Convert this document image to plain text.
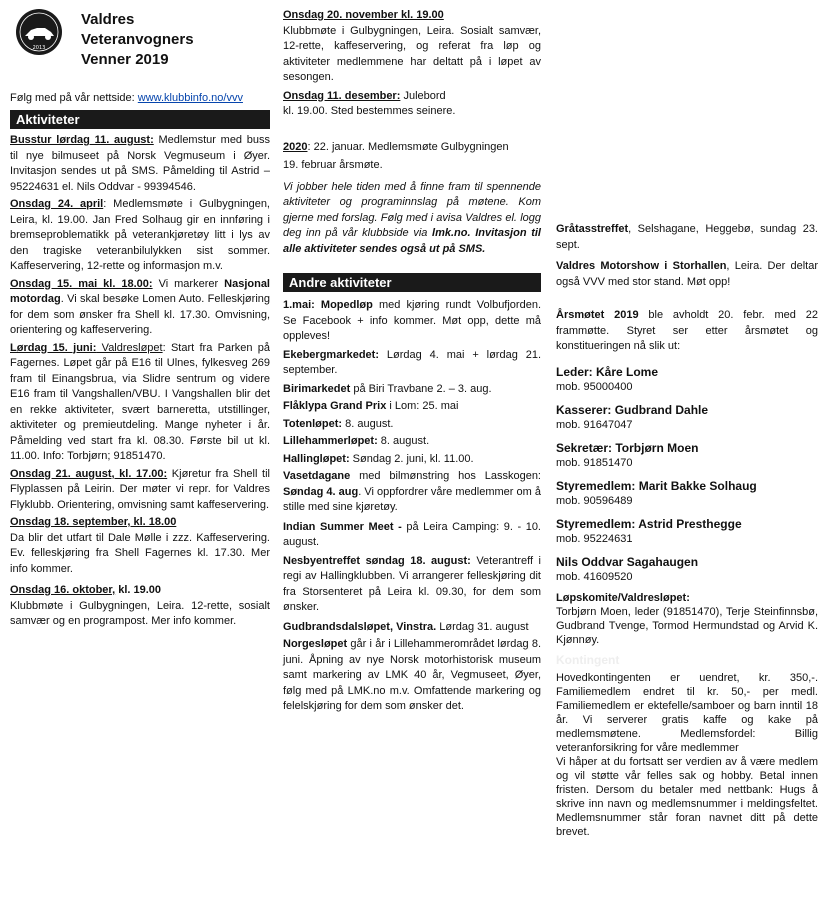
2013
Valdres
Veteranvogners
Venner 2019
Følg med på vår nettside: www.klubbinfo.no/vvv
Aktiviteter
Busstur lørdag 11. august: Medlemstur med buss til nye bilmuseet på Norsk Vegmuseum i Øyer. Invitasjon sendes ut på SMS. Påmelding til Astrid – 95224631 el. Nils Oddvar - 99394546.
Onsdag 24. april: Medlemsmøte i Gulbygningen, Leira, kl. 19.00. Jan Fred Solhaug gir en innføring i bremseproblematikk på veterankjøretøy litt i lys av den tragiske veteranbilulykken sist sommer. Kaffeservering, 12-rette og informasjon m.v.
Onsdag 15. mai kl. 18.00: Vi markerer Nasjonal motordag. Vi skal besøke Lomen Auto. Felleskjøring for dem som ønsker fra Shell kl. 17.30. Omvisning, orientering og kaffeservering.
Lørdag 15. juni: Valdresløpet: Start fra Parken på Fagernes. Løpet går på E16 til Ulnes, fylkesveg 269 fram til Einangsbrua, via Slidre sentrum og videre E16 fram til Vangshallen/VBU. I Vangshallen blir det en rekke aktiviteter, svært barneretta, utstillinger, aktiviteter og premieutdeling. Mange nyheter i år. Påmelding ved start fra kl. 08.30. Første bil ut kl. 11.00. Info: Torbjørn; 91851470.
Onsdag 21. august, kl. 17.00: Kjøretur fra Shell til Flyplassen på Leirin. Der møter vi repr. for Valdres Flyklubb. Orientering, omvisning samt kaffeservering.
Onsdag 18. september, kl. 18.00
Da blir det utfart til Dale Mølle i zzz. Kaffeservering. Ev. felleskjøring fra Shell Fagernes kl. 17.30. Mer info kommer.
Onsdag 16. oktober, kl. 19.00
Klubbmøte i Gulbygningen, Leira. 12-rette, sosialt samvær og en programpost. Mer info kommer.
Onsdag 20. november kl. 19.00
Klubbmøte i Gulbygningen, Leira. Sosialt samvær, 12-rette, kaffeservering, og referat fra løp og aktiviteter medlemmene har deltatt på i løpet av sesongen.
Onsdag 11. desember: Julebord
kl. 19.00. Sted bestemmes seinere.
2020: 22. januar. Medlemsmøte Gulbygningen
19. februar årsmøte.
Vi jobber hele tiden med å finne fram til spennende aktiviteter og programinnslag på møtene. Kom gjerne med forslag. Følg med i avisa Valdres el. logg deg inn på vår klubbside via lmk.no. Invitasjon til alle aktiviteter sendes også ut på SMS.
Andre aktiviteter
1.mai: Mopedløp med kjøring rundt Volbufjorden. Se Facebook + info kommer. Møt opp, dette må oppleves!
Ekebergmarkedet: Lørdag 4. mai + lørdag 21. september.
Birimarkedet på Biri Travbane 2. – 3. aug.
Flåklypa Grand Prix i Lom: 25. mai
Totenløpet: 8. august.
Lillehammerløpet: 8. august.
Hallingløpet: Søndag 2. juni, kl. 11.00.
Vasetdagane med bilmønstring hos Lasskogen: Søndag 4. aug. Vi oppfordrer våre medlemmer om å stille med sine kjøretøy.
Indian Summer Meet - på Leira Camping: 9. - 10. august.
Nesbyentreffet søndag 18. august: Veterantreff i regi av Hallingklubben. Vi arrangerer felleskjøring dit fra Storsenteret på Leira kl. 09.30, for dem som ønsker.
Gudbrandsdalsløpet, Vinstra. Lørdag 31. august
Norgesløpet går i år i Lillehammerområdet lørdag 8. juni. Åpning av nye Norsk motorhistorisk museum samt markering av LMK 40 år, Vegmuseet, Øyer, følg med på LMK.no m.v. Omfattende markering og felelskjøring for dem som ønsker det.
Gråtasstreffet, Selshagane, Heggebø, sundag 23. sept.
Valdres Motorshow i Storhallen, Leira. Der deltar også VVV med stor stand. Møt opp!
Årsmøtet 2019 ble avholdt 20. febr. med 22 frammøtte. Styret ser etter årsmøtet og konstitueringen nå slik ut:
Leder: Kåre Lome
mob. 95000400
Kasserer: Gudbrand Dahle
mob. 91647047
Sekretær: Torbjørn Moen
mob. 91851470
Styremedlem: Marit Bakke Solhaug
mob. 90596489
Styremedlem: Astrid Presthegge
mob. 95224631
Nils Oddvar Sagahaugen
mob. 41609520
Løpskomite/Valdresløpet:
Torbjørn Moen, leder (91851470), Terje Steinfinnsbø, Gudbrand Tvenge, Tormod Hermundstad og Arvid K. Kjønnøy.
Kontingent
Hovedkontingenten er uendret, kr. 350,-. Familiemedlem endret til kr. 50,- per medl. Familiemedlem er ektefelle/samboer og barn inntil 18 år. Vi serverer gratis kaffe og kake på medlemsmøtene. Medlemsfordel: Billig veteranforsikring for våre medlemmer
Vi håper at du fortsatt ser verdien av å være medlem og vil støtte vår felles sak og hobby. Betal innen fristen. Dersom du betaler med nettbank: Hugs å skrive inn navn og medlemsnummer i meldingsfeltet. Medlemsnummer står foran navnet ditt på dette brevet.
